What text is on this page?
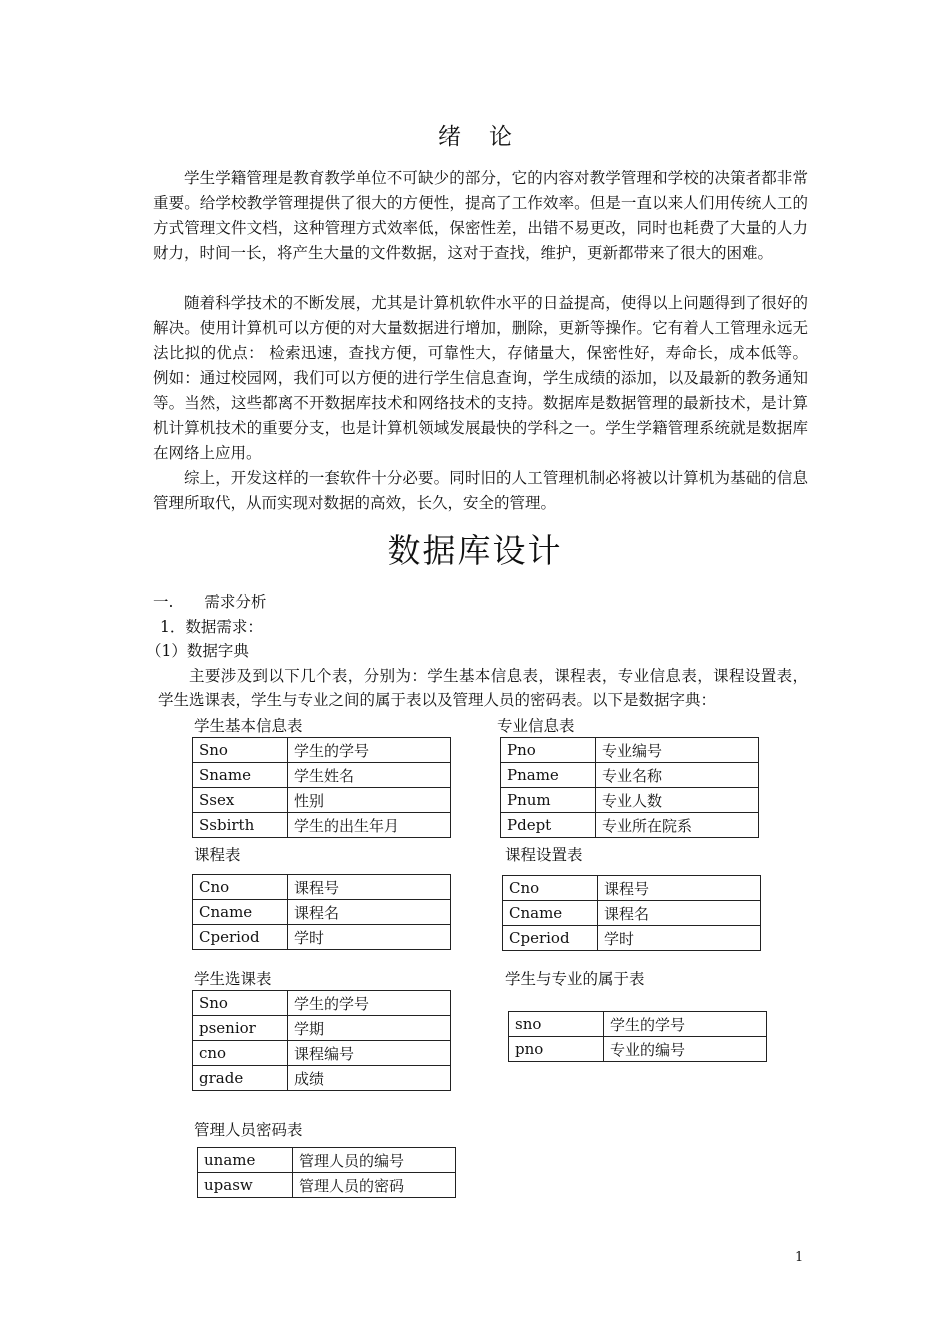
绪论

学生学籍管理是教育教学单位不可缺少的部分，它的内容对教学管理和学校的决策者都非常重要。给学校教学管理提供了很大的方便性，提高了工作效率。但是一直以来人们用传统人工的方式管理文件文档，这种管理方式效率低，保密性差，出错不易更改，同时也耗费了大量的人力财力，时间一长，将产生大量的文件数据，这对于查找，维护，更新都带来了很大的困难。

随着科学技术的不断发展，尤其是计算机软件水平的日益提高，使得以上问题得到了很好的解决。使用计算机可以方便的对大量数据进行增加，删除，更新等操作。它有着人工管理永远无法比拟的优点： 检索迅速，查找方便，可靠性大，存储量大，保密性好，寿命长，成本低等。例如：通过校园网，我们可以方便的进行学生信息查询，学生成绩的添加，以及最新的教务通知等。当然，这些都离不开数据库技术和网络技术的支持。数据库是数据管理的最新技术，是计算机计算机技术的重要分支，也是计算机领域发展最快的学科之一。学生学籍管理系统就是数据库在网络上应用。

综上，开发这样的一套软件十分必要。同时旧的人工管理机制必将被以计算机为基础的信息管理所取代，从而实现对数据的高效，长久，安全的管理。

数据库设计
一.　　需求分析
1．数据需求：
（1）数据字典

主要涉及到以下几个表，分别为：学生基本信息表，课程表，专业信息表，课程设置表，学生选课表，学生与专业之间的属于表以及管理人员的密码表。以下是数据字典：

学生基本信息表
Sno	学生的学号
Sname	学生姓名
Ssex	性别
Ssbirth	学生的出生年月
专业信息表
Pno	专业编号
Pname	专业名称
Pnum	专业人数
Pdept	专业所在院系
课程表
Cno	课程号
Cname	课程名
Cperiod	学时
课程设置表
Cno	课程号
Cname	课程名
Cperiod	学时
学生选课表
Sno	学生的学号
psenior	学期
cno	课程编号
grade	成绩
学生与专业的属于表
sno	学生的学号
pno	专业的编号
管理人员密码表
uname	管理人员的编号
upasw	管理人员的密码
1
